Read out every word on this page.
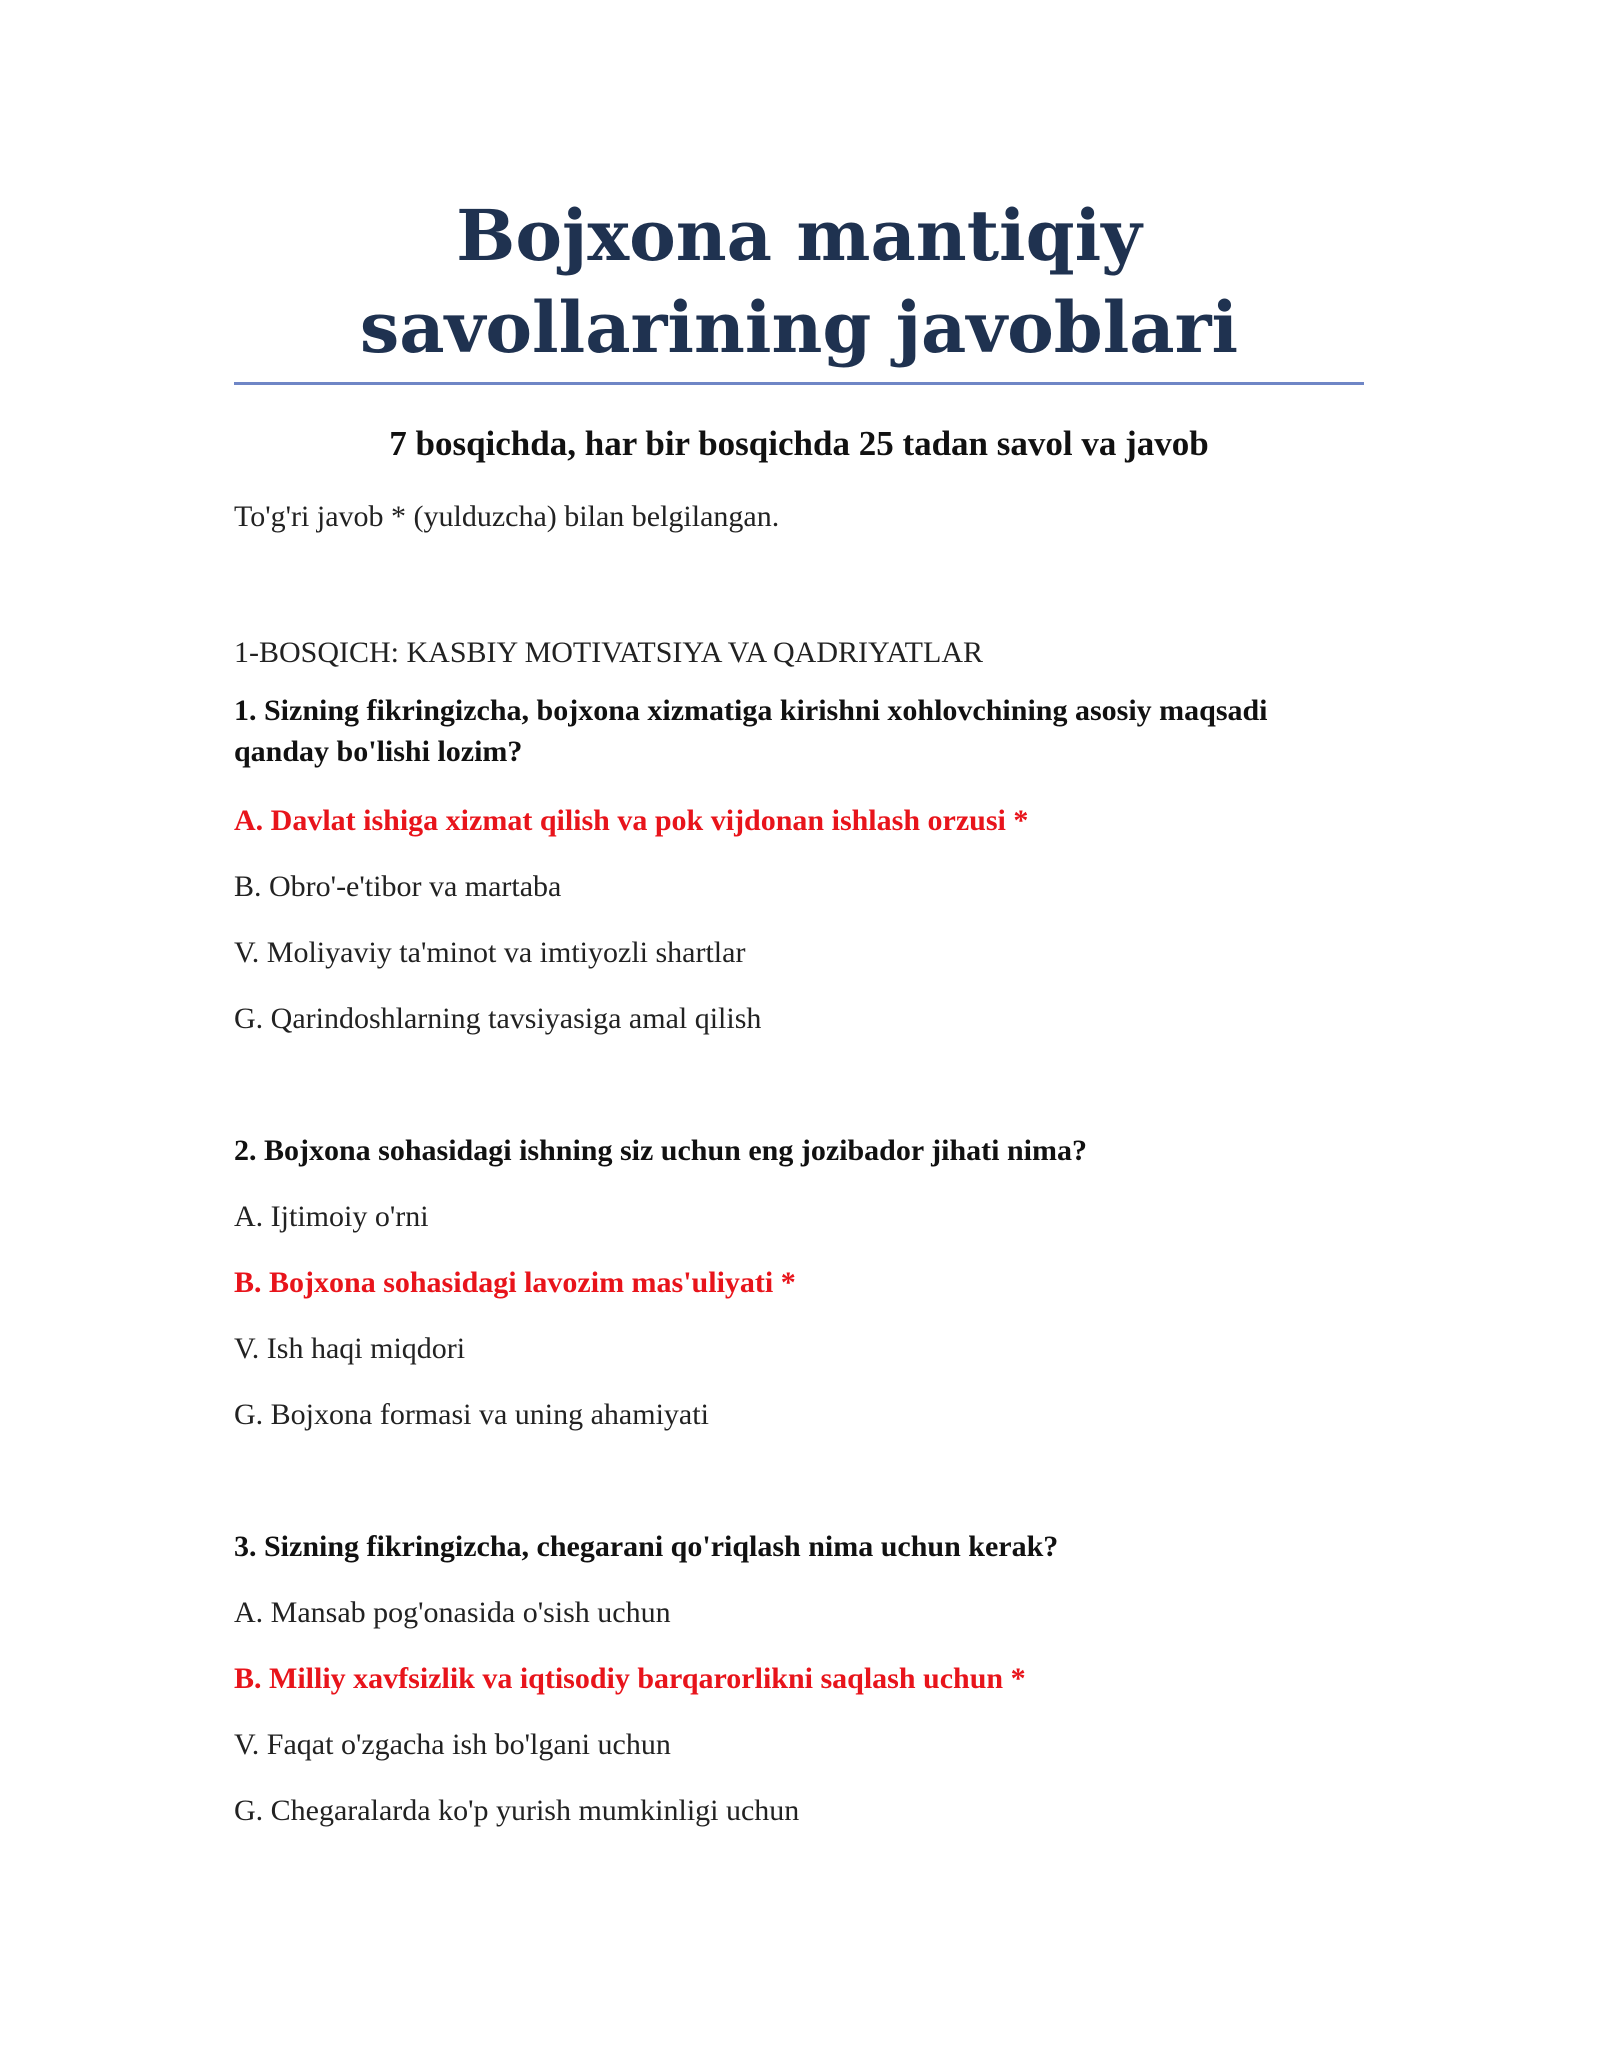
Bojxona mantiqiy savollarining javoblari
7 bosqichda, har bir bosqichda 25 tadan savol va javob
To'g'ri javob * (yulduzcha) bilan belgilangan.
1-BOSQICH: KASBIY MOTIVATSIYA VA QADRIYATLAR
1. Sizning fikringizcha, bojxona xizmatiga kirishni xohlovchining asosiy maqsadi qanday bo'lishi lozim?
A. Davlat ishiga xizmat qilish va pok vijdonan ishlash orzusi *
B. Obro'-e'tibor va martaba
V. Moliyaviy ta'minot va imtiyozli shartlar
G. Qarindoshlarning tavsiyasiga amal qilish
2. Bojxona sohasidagi ishning siz uchun eng jozibador jihati nima?
A. Ijtimoiy o'rni
B. Bojxona sohasidagi lavozim mas'uliyati *
V. Ish haqi miqdori
G. Bojxona formasi va uning ahamiyati
3. Sizning fikringizcha, chegarani qo'riqlash nima uchun kerak?
A. Mansab pog'onasida o'sish uchun
B. Milliy xavfsizlik va iqtisodiy barqarorlikni saqlash uchun *
V. Faqat o'zgacha ish bo'lgani uchun
G. Chegaralarda ko'p yurish mumkinligi uchun
